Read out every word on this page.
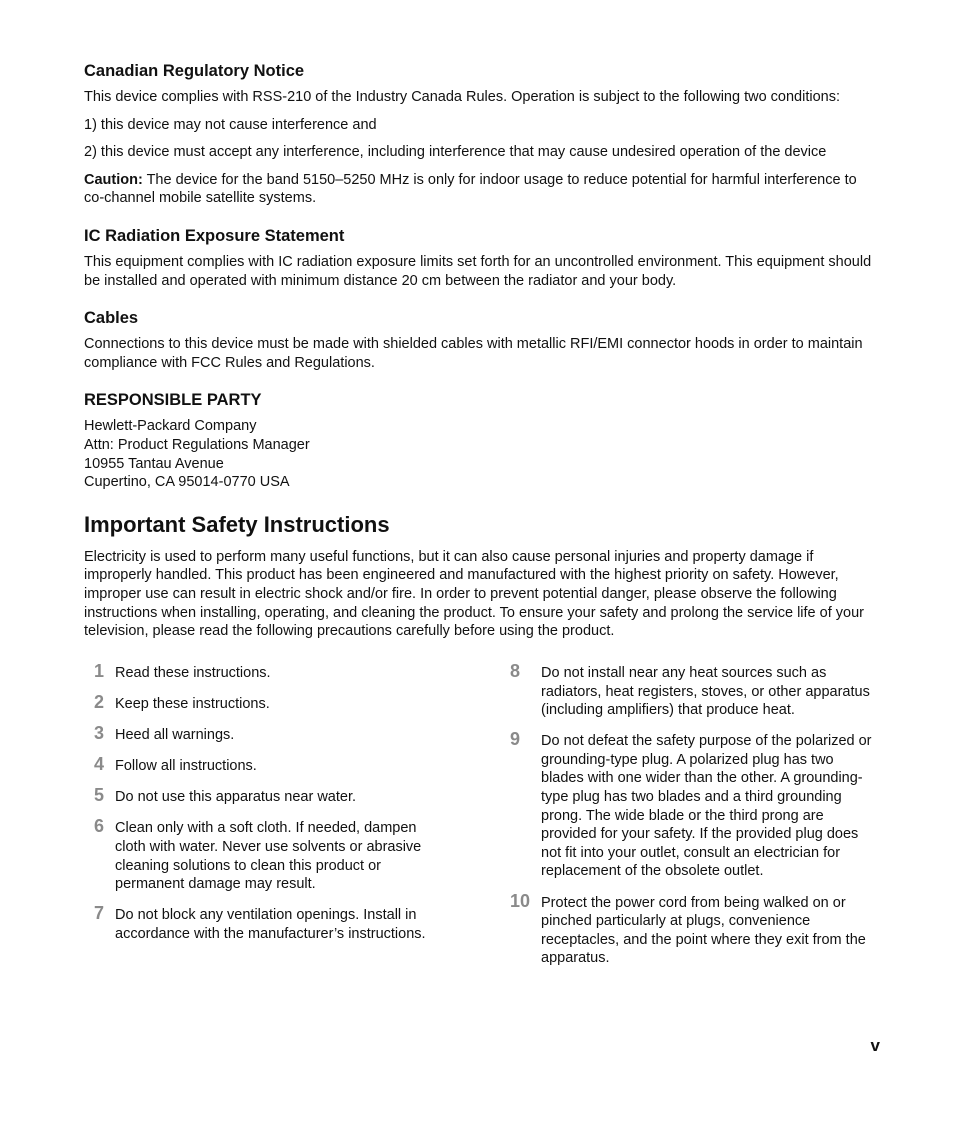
Canadian Regulatory Notice
This device complies with RSS-210 of the Industry Canada Rules. Operation is subject to the following two conditions:
1) this device may not cause interference and
2) this device must accept any interference, including interference that may cause undesired operation of the device
Caution: The device for the band 5150–5250 MHz is only for indoor usage to reduce potential for harmful interference to co-channel mobile satellite systems.
IC Radiation Exposure Statement
This equipment complies with IC radiation exposure limits set forth for an uncontrolled environment. This equipment should be installed and operated with minimum distance 20 cm between the radiator and your body.
Cables
Connections to this device must be made with shielded cables with metallic RFI/EMI connector hoods in order to maintain compliance with FCC Rules and Regulations.
RESPONSIBLE PARTY
Hewlett-Packard Company
Attn: Product Regulations Manager
10955 Tantau Avenue
Cupertino, CA 95014-0770 USA
Important Safety Instructions
Electricity is used to perform many useful functions, but it can also cause personal injuries and property damage if improperly handled. This product has been engineered and manufactured with the highest priority on safety. However, improper use can result in electric shock and/or fire. In order to prevent potential danger, please observe the following instructions when installing, operating, and cleaning the product. To ensure your safety and prolong the service life of your television, please read the following precautions carefully before using the product.
1 Read these instructions.
2 Keep these instructions.
3 Heed all warnings.
4 Follow all instructions.
5 Do not use this apparatus near water.
6 Clean only with a soft cloth. If needed, dampen cloth with water. Never use solvents or abrasive cleaning solutions to clean this product or permanent damage may result.
7 Do not block any ventilation openings. Install in accordance with the manufacturer’s instructions.
8 Do not install near any heat sources such as radiators, heat registers, stoves, or other apparatus (including amplifiers) that produce heat.
9 Do not defeat the safety purpose of the polarized or grounding-type plug. A polarized plug has two blades with one wider than the other. A grounding-type plug has two blades and a third grounding prong. The wide blade or the third prong are provided for your safety. If the provided plug does not fit into your outlet, consult an electrician for replacement of the obsolete outlet.
10 Protect the power cord from being walked on or pinched particularly at plugs, convenience receptacles, and the point where they exit from the apparatus.
v
